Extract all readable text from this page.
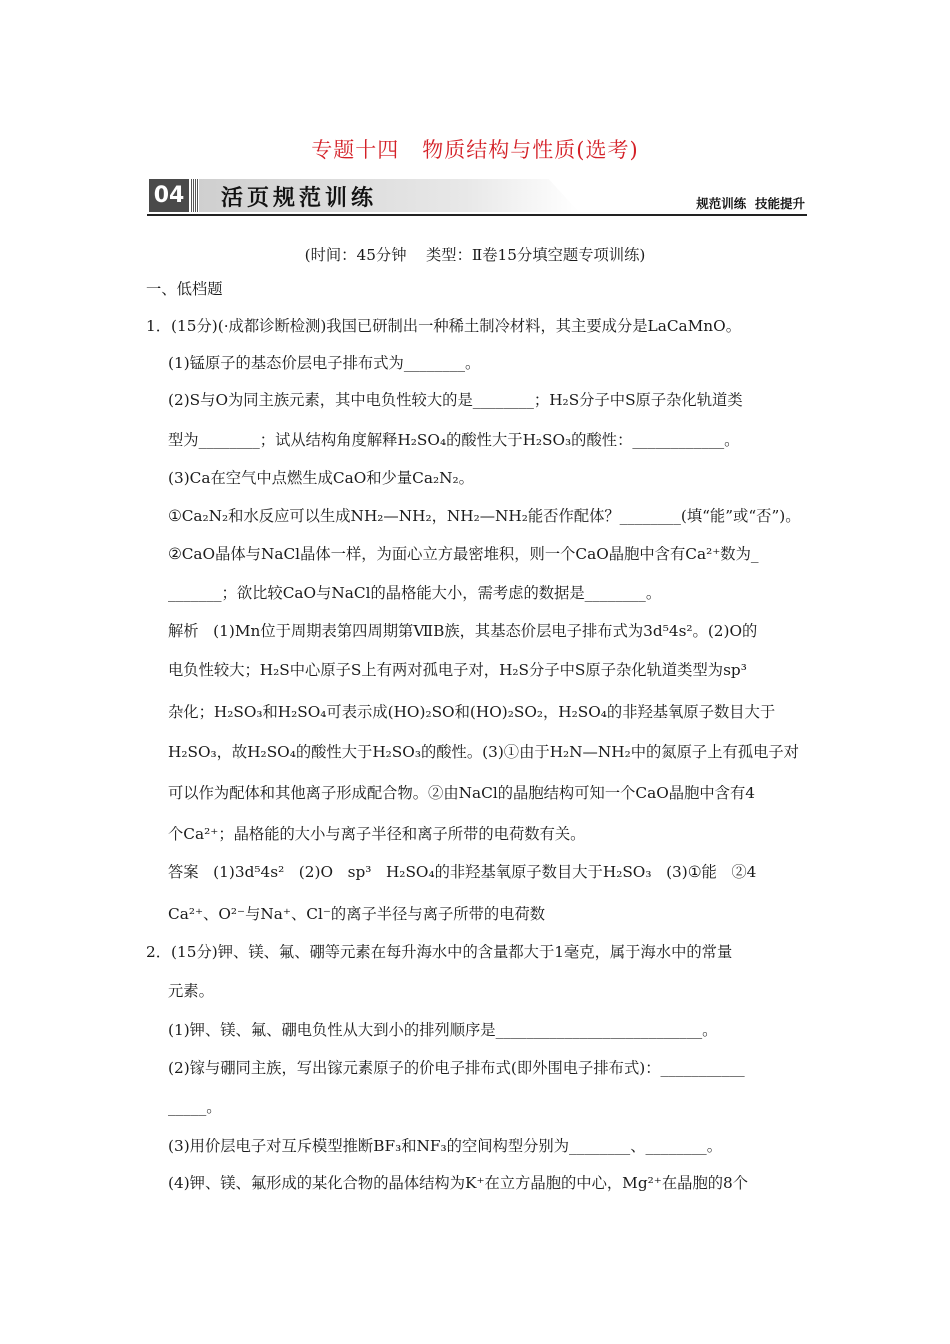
专题十四   物质结构与性质(选考)
04 活页规范训练	规范训练  技能提升
(时间：45分钟    类型：Ⅱ卷15分填空题专项训练)
一、低档题
1．(15分)(·成都诊断检测)我国已研制出一种稀土制冷材料，其主要成分是LaCaMnO。
(1)锰原子的基态价层电子排布式为________。
(2)S与O为同主族元素，其中电负性较大的是________；H₂S分子中S原子杂化轨道类
型为________；试从结构角度解释H₂SO₄的酸性大于H₂SO₃的酸性：____________。
(3)Ca在空气中点燃生成CaO和少量Ca₂N₂。
①Ca₂N₂和水反应可以生成NH₂—NH₂，NH₂—NH₂能否作配体？________(填“能”或“否”)。
②CaO晶体与NaCl晶体一样，为面心立方最密堆积，则一个CaO晶胞中含有Ca²⁺数为_
_______；欲比较CaO与NaCl的晶格能大小，需考虑的数据是________。
解析   (1)Mn位于周期表第四周期第ⅦB族，其基态价层电子排布式为3d⁵4s²。(2)O的
电负性较大；H₂S中心原子S上有两对孤电子对，H₂S分子中S原子杂化轨道类型为sp³
杂化；H₂SO₃和H₂SO₄可表示成(HO)₂SO和(HO)₂SO₂，H₂SO₄的非羟基氧原子数目大于
H₂SO₃，故H₂SO₄的酸性大于H₂SO₃的酸性。(3)①由于H₂N—NH₂中的氮原子上有孤电子对
可以作为配体和其他离子形成配合物。②由NaCl的晶胞结构可知一个CaO晶胞中含有4
个Ca²⁺；晶格能的大小与离子半径和离子所带的电荷数有关。
答案   (1)3d⁵4s²   (2)O   sp³   H₂SO₄的非羟基氧原子数目大于H₂SO₃   (3)①能   ②4
Ca²⁺、O²⁻与Na⁺、Cl⁻的离子半径与离子所带的电荷数
2．(15分)钾、镁、氟、硼等元素在每升海水中的含量都大于1毫克，属于海水中的常量
元素。
(1)钾、镁、氟、硼电负性从大到小的排列顺序是___________________________。
(2)镓与硼同主族，写出镓元素原子的价电子排布式(即外围电子排布式)：___________
_____。
(3)用价层电子对互斥模型推断BF₃和NF₃的空间构型分别为________、________。
(4)钾、镁、氟形成的某化合物的晶体结构为K⁺在立方晶胞的中心，Mg²⁺在晶胞的8个
